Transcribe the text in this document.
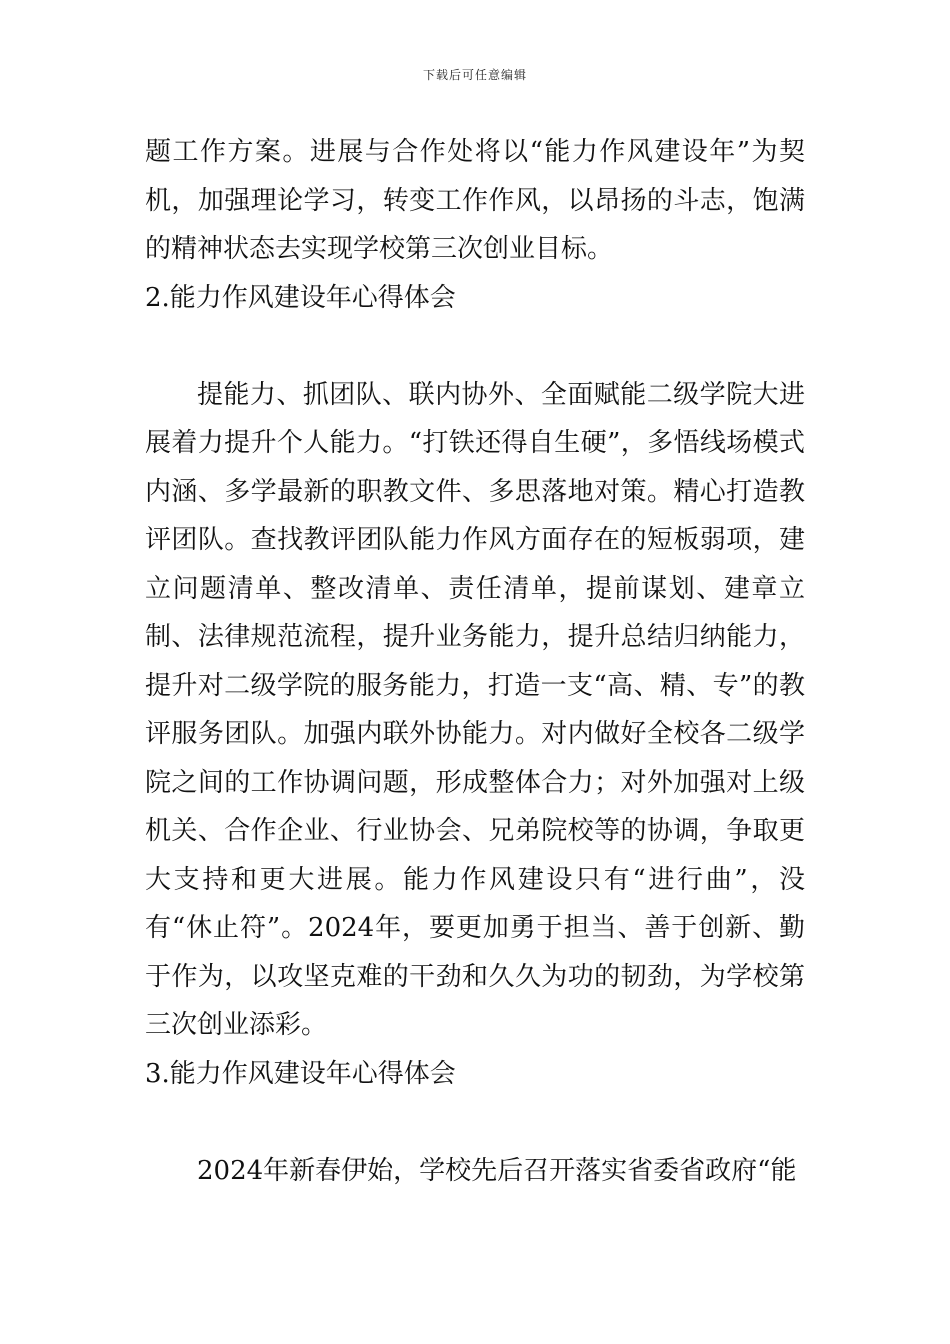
下载后可任意编辑

题工作方案。进展与合作处将以“能力作风建设年”为契机，加强理论学习，转变工作作风，以昂扬的斗志，饱满的精神状态去实现学校第三次创业目标。

2.能力作风建设年心得体会

提能力、抓团队、联内协外、全面赋能二级学院大进展着力提升个人能力。“打铁还得自生硬”，多悟线场模式内涵、多学最新的职教文件、多思落地对策。精心打造教评团队。查找教评团队能力作风方面存在的短板弱项，建立问题清单、整改清单、责任清单，提前谋划、建章立制、法律规范流程，提升业务能力，提升总结归纳能力，提升对二级学院的服务能力，打造一支“高、精、专”的教评服务团队。加强内联外协能力。对内做好全校各二级学院之间的工作协调问题，形成整体合力；对外加强对上级机关、合作企业、行业协会、兄弟院校等的协调，争取更大支持和更大进展。能力作风建设只有“进行曲”，没有“休止符”。2024年，要更加勇于担当、善于创新、勤于作为，以攻坚克难的干劲和久久为功的韧劲，为学校第三次创业添彩。

3.能力作风建设年心得体会

2024年新春伊始，学校先后召开落实省委省政府“能
